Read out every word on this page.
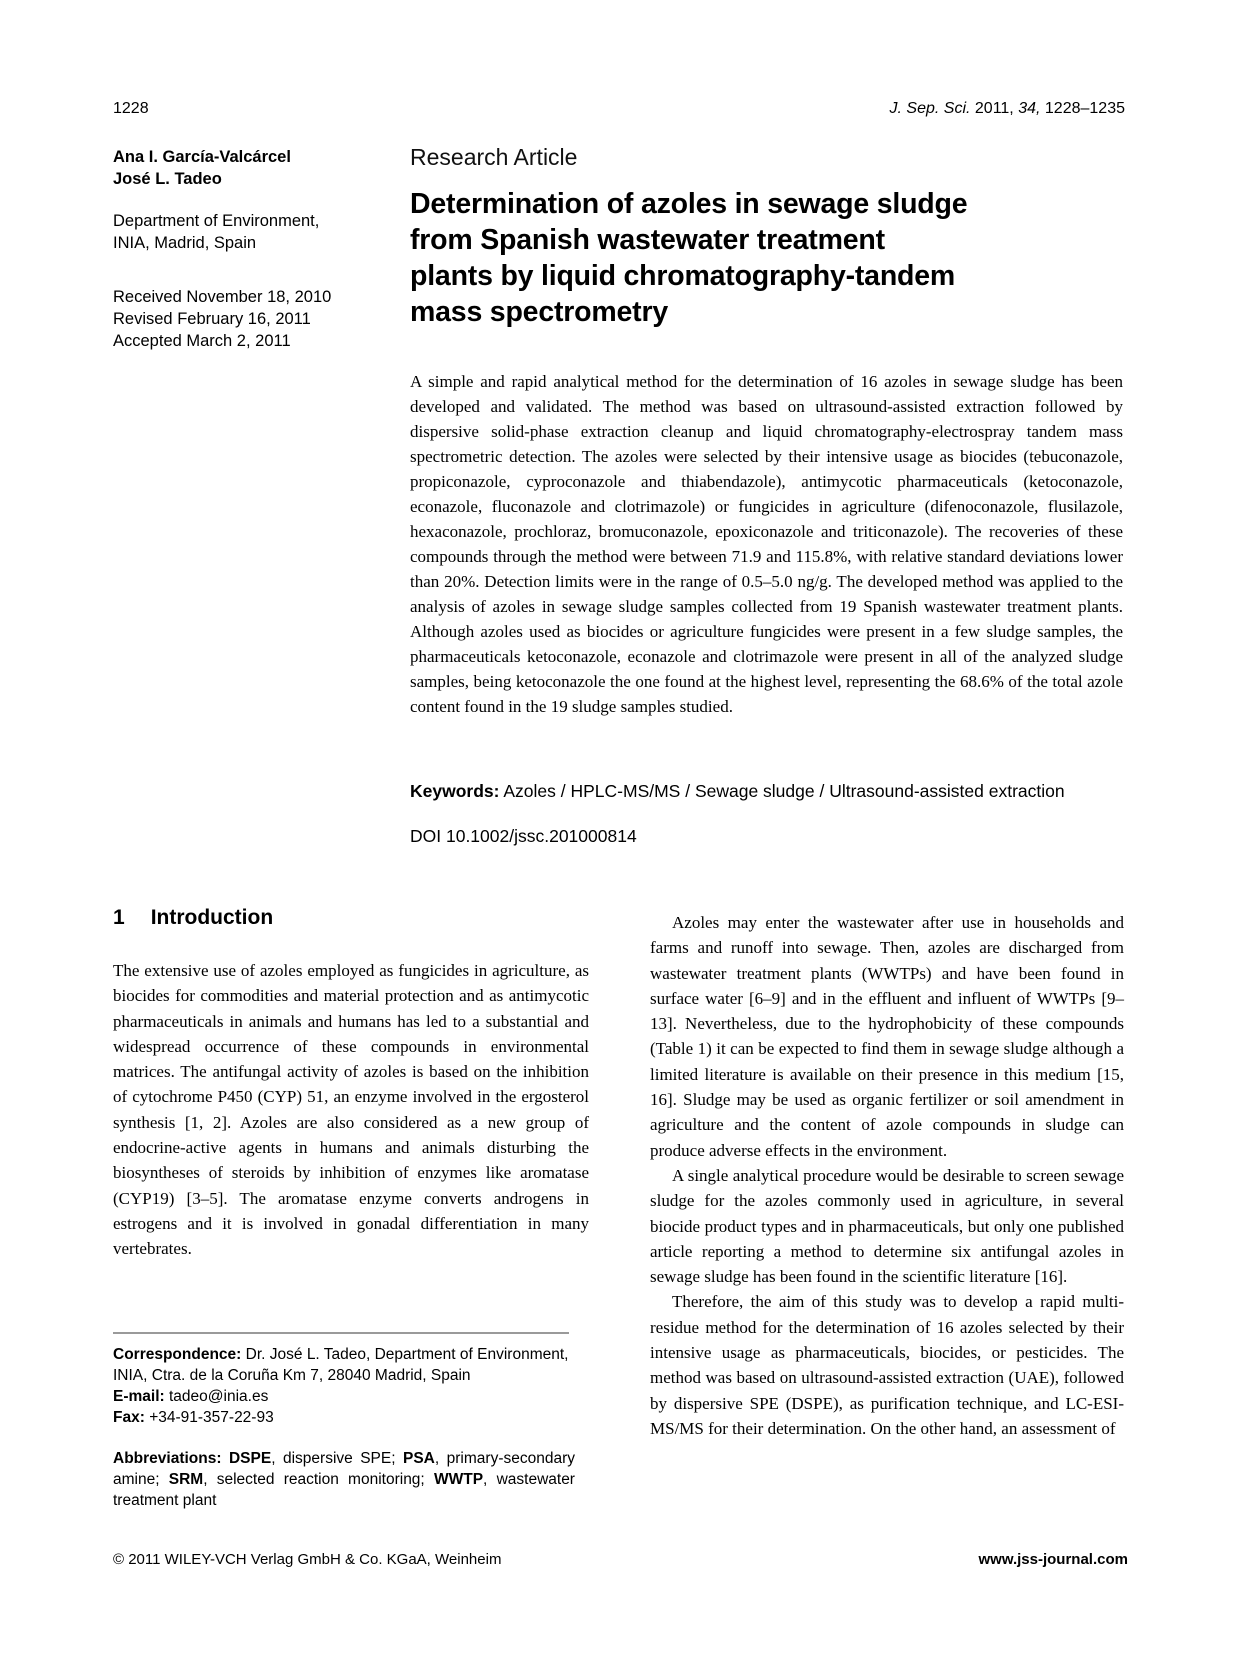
1228	J. Sep. Sci. 2011, 34, 1228–1235
Ana I. García-Valcárcel
José L. Tadeo
Department of Environment,
INIA, Madrid, Spain
Received November 18, 2010
Revised February 16, 2011
Accepted March 2, 2011
Research Article
Determination of azoles in sewage sludge
from Spanish wastewater treatment
plants by liquid chromatography-tandem
mass spectrometry

A simple and rapid analytical method for the determination of 16 azoles in sewage sludge has been developed and validated. The method was based on ultrasound-assisted extraction followed by dispersive solid-phase extraction cleanup and liquid chromatography-electrospray tandem mass spectrometric detection. The azoles were selected by their intensive usage as biocides (tebuconazole, propiconazole, cyproconazole and thiabendazole), antimycotic pharmaceuticals (ketoconazole, econazole, fluconazole and clotrimazole) or fungicides in agriculture (difenoconazole, flusilazole, hexaconazole, prochloraz, bromuconazole, epoxiconazole and triticonazole). The recoveries of these compounds through the method were between 71.9 and 115.8%, with relative standard deviations lower than 20%. Detection limits were in the range of 0.5–5.0 ng/g. The developed method was applied to the analysis of azoles in sewage sludge samples collected from 19 Spanish wastewater treatment plants. Although azoles used as biocides or agriculture fungicides were present in a few sludge samples, the pharmaceuticals ketoconazole, econazole and clotrimazole were present in all of the analyzed sludge samples, being ketoconazole the one found at the highest level, representing the 68.6% of the total azole content found in the 19 sludge samples studied.

Keywords: Azoles / HPLC-MS/MS / Sewage sludge / Ultrasound-assisted extraction
DOI 10.1002/jssc.201000814
1 Introduction

The extensive use of azoles employed as fungicides in agriculture, as biocides for commodities and material protection and as antimycotic pharmaceuticals in animals and humans has led to a substantial and widespread occurrence of these compounds in environmental matrices. The antifungal activity of azoles is based on the inhibition of cytochrome P450 (CYP) 51, an enzyme involved in the ergosterol synthesis [1, 2]. Azoles are also considered as a new group of endocrine-active agents in humans and animals disturbing the biosyntheses of steroids by inhibition of enzymes like aromatase (CYP19) [3–5]. The aromatase enzyme converts androgens in estrogens and it is involved in gonadal differentiation in many vertebrates.

Azoles may enter the wastewater after use in households and farms and runoff into sewage. Then, azoles are discharged from wastewater treatment plants (WWTPs) and have been found in surface water [6–9] and in the effluent and influent of WWTPs [9–13]. Nevertheless, due to the hydrophobicity of these compounds (Table 1) it can be expected to find them in sewage sludge although a limited literature is available on their presence in this medium [15, 16]. Sludge may be used as organic fertilizer or soil amendment in agriculture and the content of azole compounds in sludge can produce adverse effects in the environment.

A single analytical procedure would be desirable to screen sewage sludge for the azoles commonly used in agriculture, in several biocide product types and in pharmaceuticals, but only one published article reporting a method to determine six antifungal azoles in sewage sludge has been found in the scientific literature [16].

Therefore, the aim of this study was to develop a rapid multi-residue method for the determination of 16 azoles selected by their intensive usage as pharmaceuticals, biocides, or pesticides. The method was based on ultrasound-assisted extraction (UAE), followed by dispersive SPE (DSPE), as purification technique, and LC-ESI-MS/MS for their determination. On the other hand, an assessment of

Correspondence: Dr. José L. Tadeo, Department of Environment, INIA, Ctra. de la Coruña Km 7, 28040 Madrid, Spain
E-mail: tadeo@inia.es
Fax: +34-91-357-22-93
Abbreviations: DSPE, dispersive SPE; PSA, primary-secondary amine; SRM, selected reaction monitoring; WWTP, wastewater treatment plant
© 2011 WILEY-VCH Verlag GmbH & Co. KGaA, Weinheim	www.jss-journal.com
